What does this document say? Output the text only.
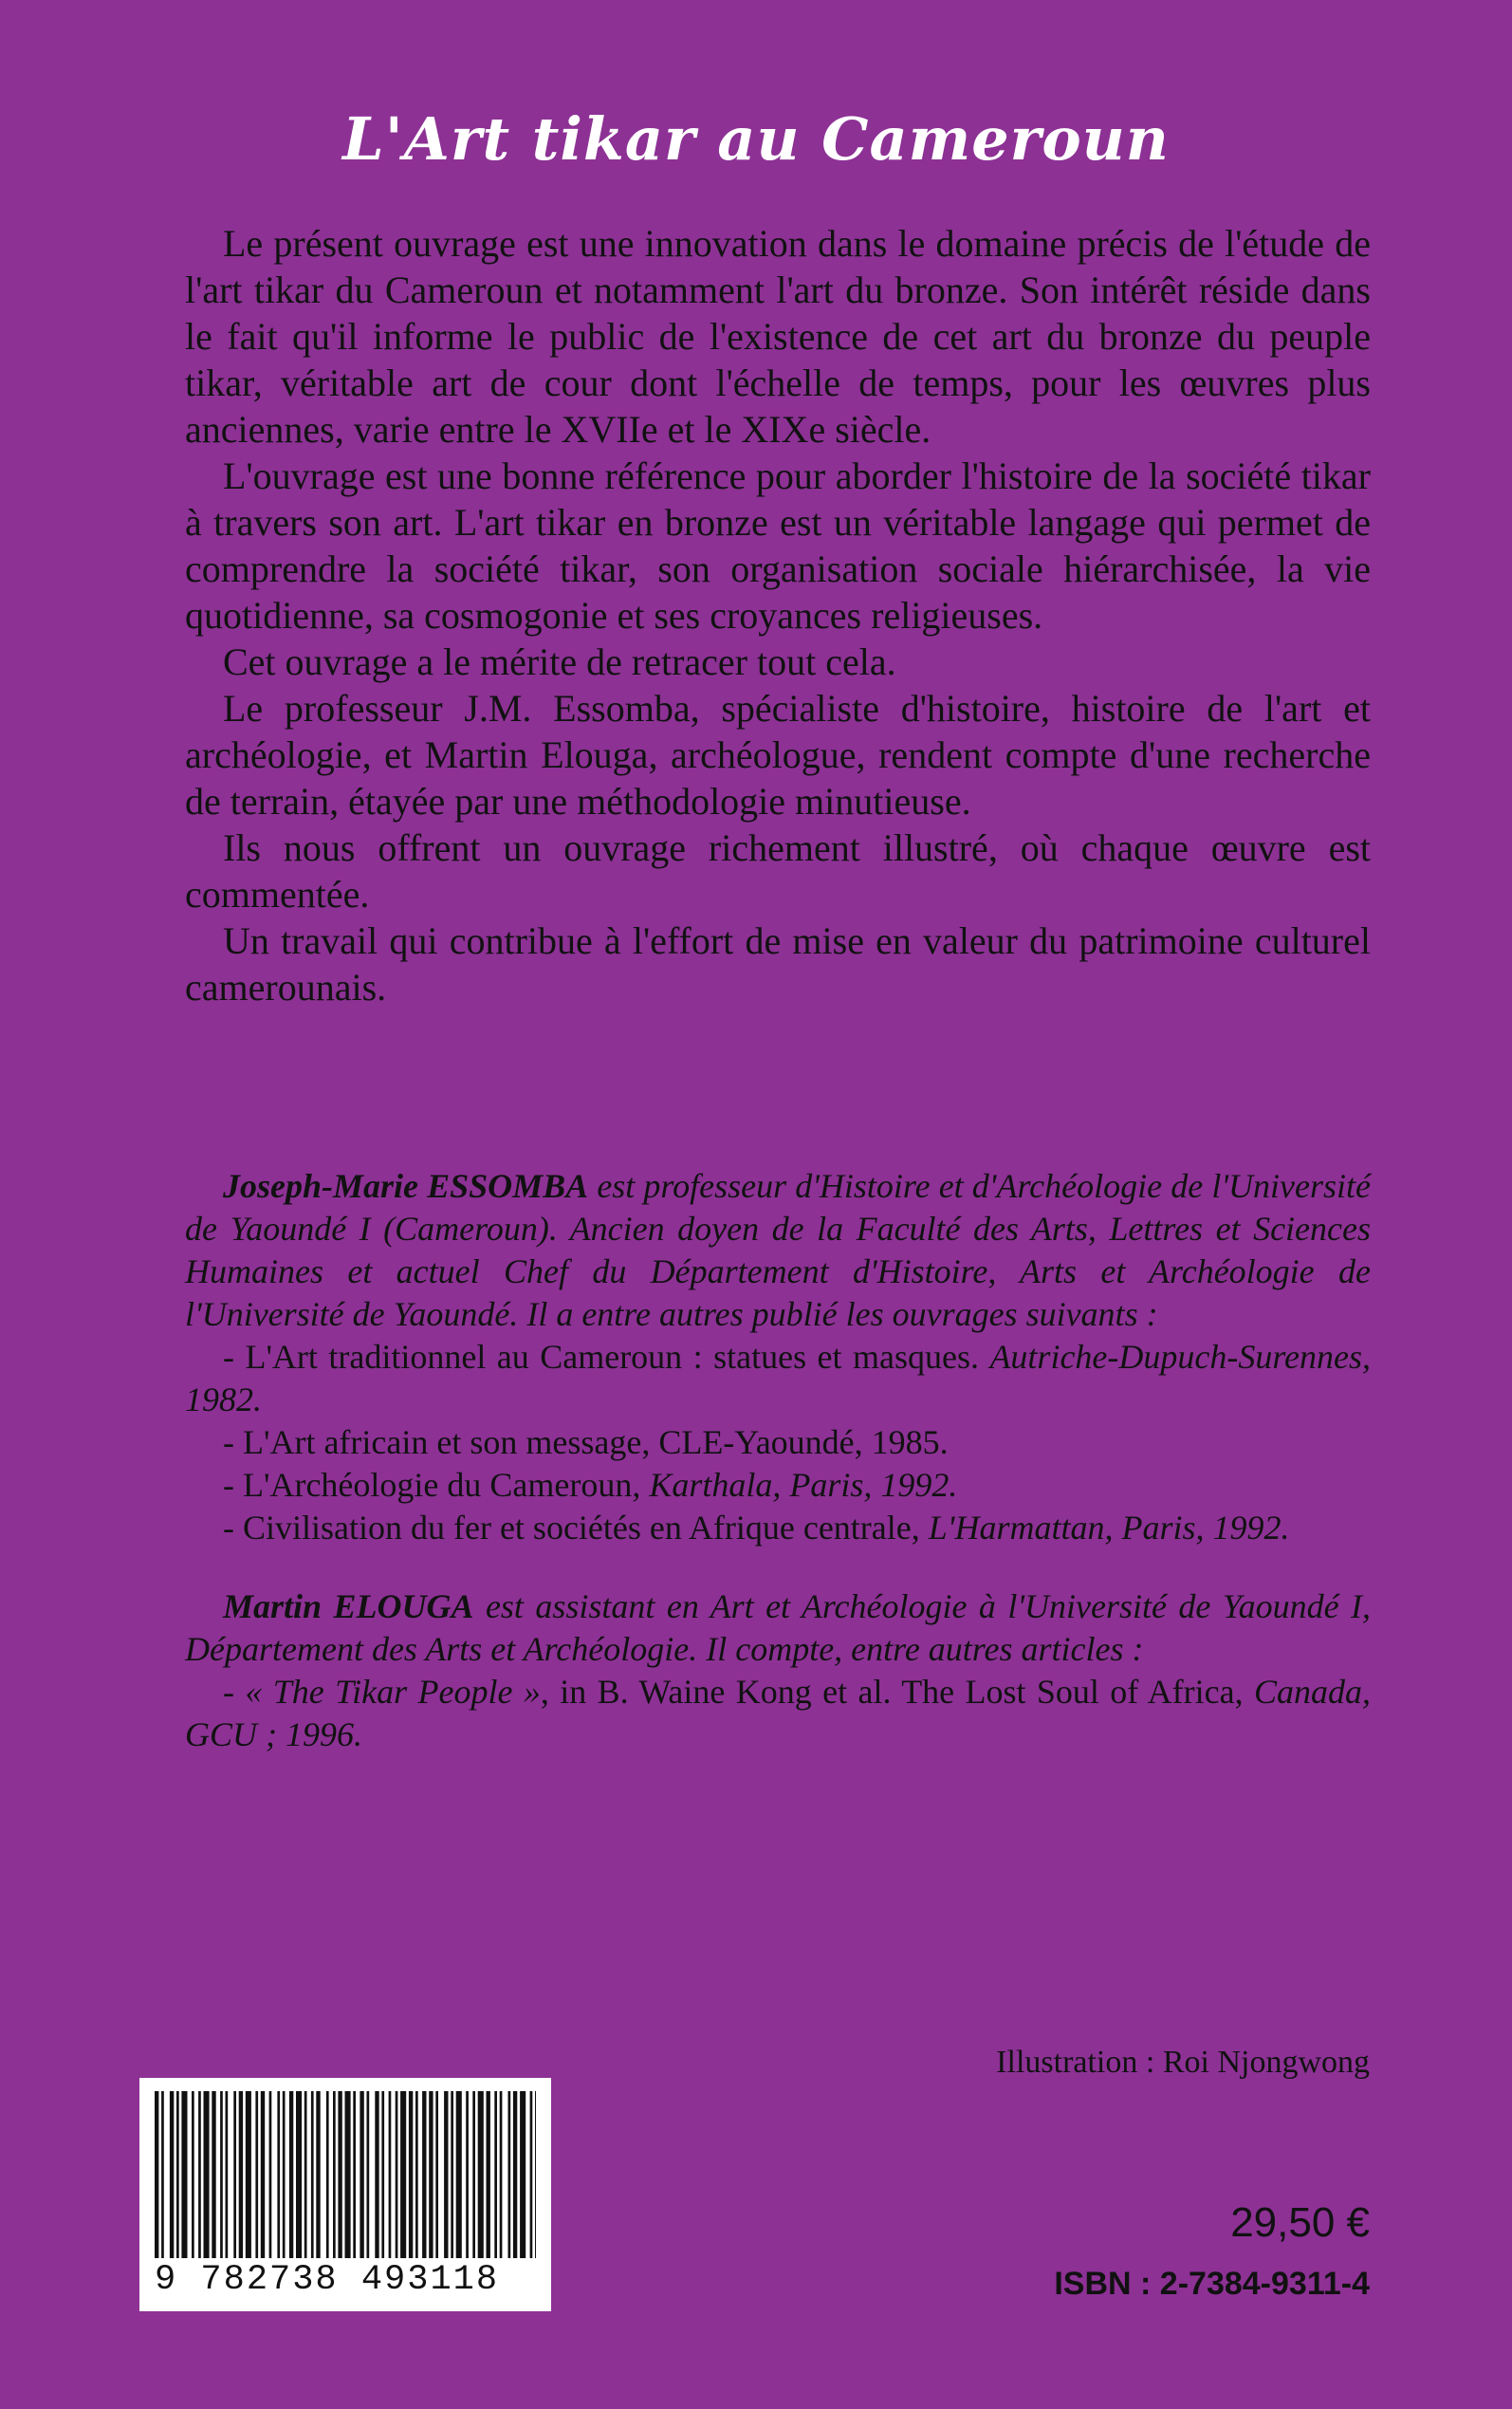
L'Art tikar au Cameroun

Le présent ouvrage est une innovation dans le domaine précis de l'étude de l'art tikar du Cameroun et notamment l'art du bronze. Son intérêt réside dans le fait qu'il informe le public de l'existence de cet art du bronze du peuple tikar, véritable art de cour dont l'échelle de temps, pour les œuvres plus anciennes, varie entre le XVIIe et le XIXe siècle.

L'ouvrage est une bonne référence pour aborder l'histoire de la société tikar à travers son art. L'art tikar en bronze est un véritable langage qui permet de comprendre la société tikar, son organisation sociale hiérarchisée, la vie quotidienne, sa cosmogonie et ses croyances religieuses.

Cet ouvrage a le mérite de retracer tout cela.

Le professeur J.M. Essomba, spécialiste d'histoire, histoire de l'art et archéologie, et Martin Elouga, archéologue, rendent compte d'une recherche de terrain, étayée par une méthodologie minutieuse.

Ils nous offrent un ouvrage richement illustré, où chaque œuvre est commentée.

Un travail qui contribue à l'effort de mise en valeur du patrimoine culturel camerounais.

Joseph-Marie ESSOMBA est professeur d'Histoire et d'Archéologie de l'Université de Yaoundé I (Cameroun). Ancien doyen de la Faculté des Arts, Lettres et Sciences Humaines et actuel Chef du Département d'Histoire, Arts et Archéologie de l'Université de Yaoundé. Il a entre autres publié les ouvrages suivants :

- L'Art traditionnel au Cameroun : statues et masques. Autriche-Dupuch-Surennes, 1982.

- L'Art africain et son message, CLE-Yaoundé, 1985.

- L'Archéologie du Cameroun, Karthala, Paris, 1992.

- Civilisation du fer et sociétés en Afrique centrale, L'Harmattan, Paris, 1992.

Martin ELOUGA est assistant en Art et Archéologie à l'Université de Yaoundé I, Département des Arts et Archéologie. Il compte, entre autres articles :

- « The Tikar People », in B. Waine Kong et al. The Lost Soul of Africa, Canada, GCU ; 1996.

Illustration : Roi Njongwong
9 782738 493118
29,50 €
ISBN : 2-7384-9311-4
